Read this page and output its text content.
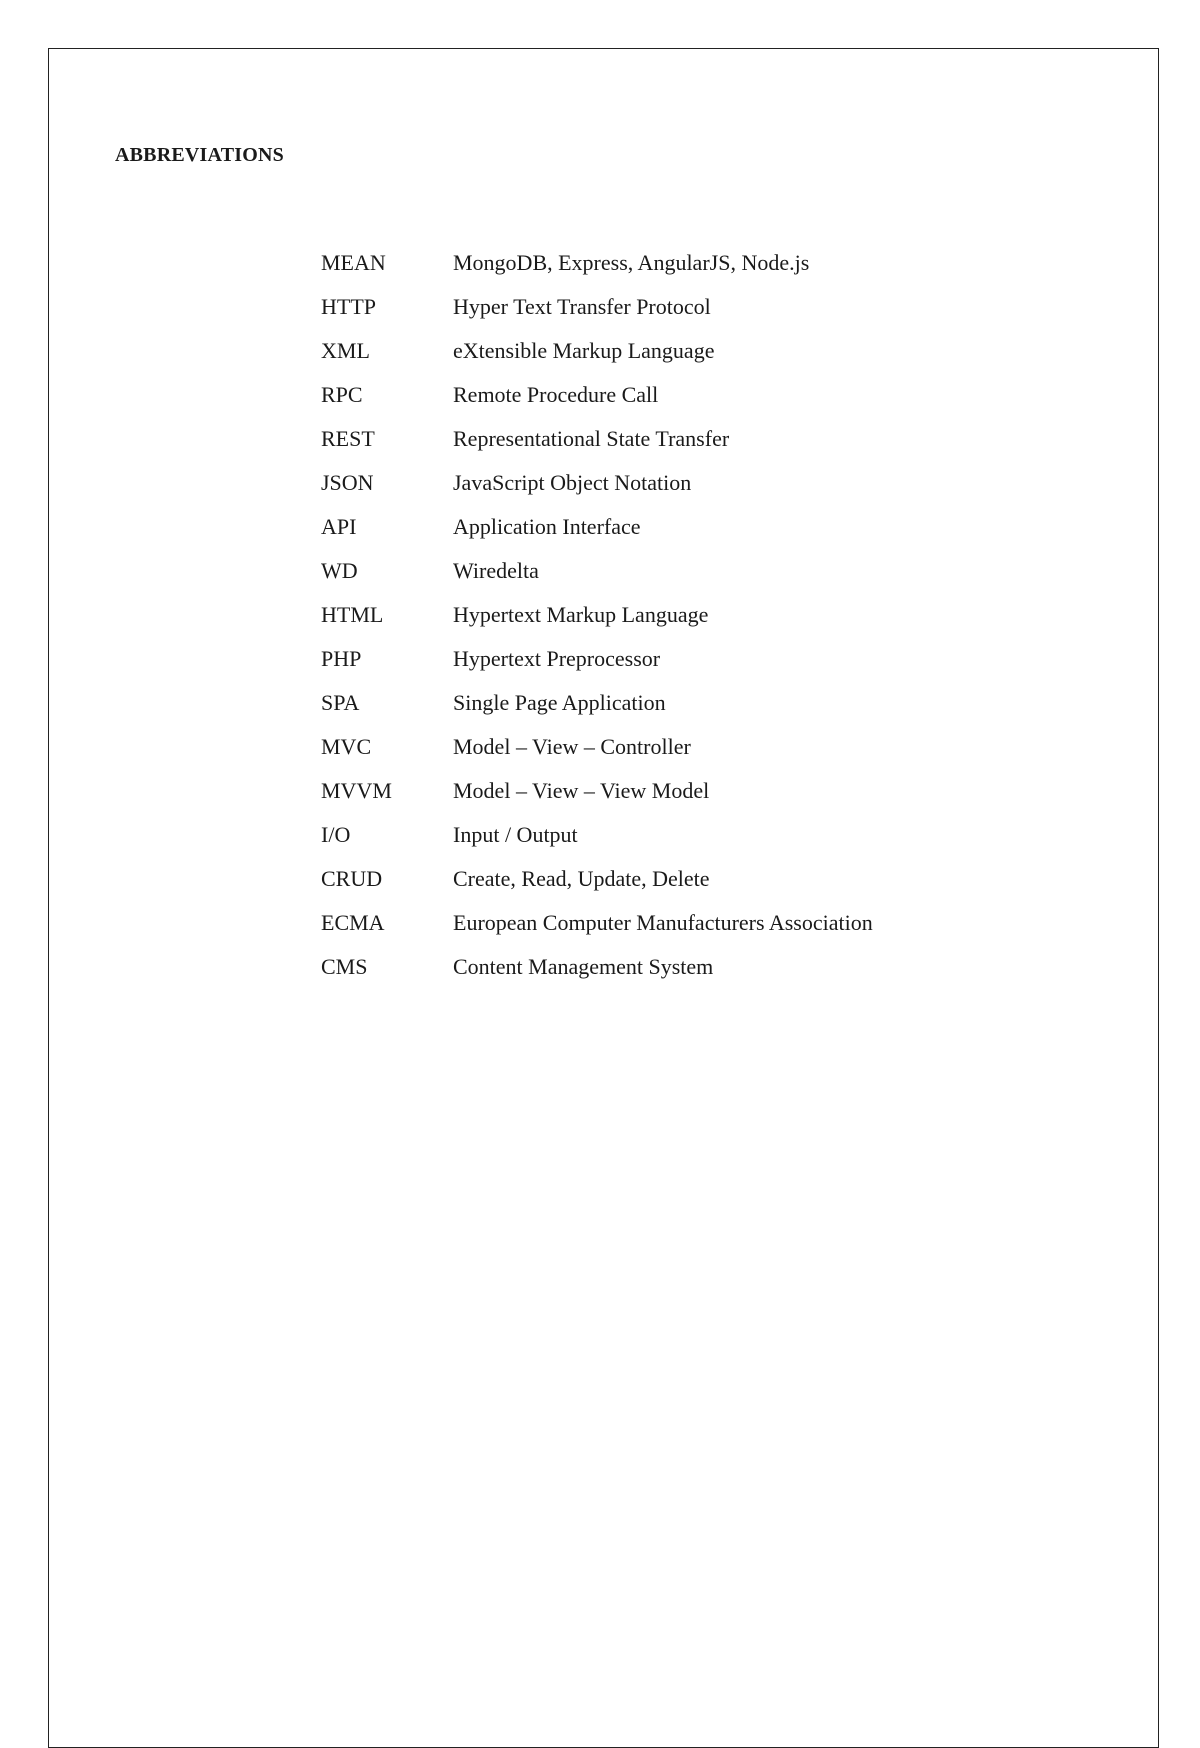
ABBREVIATIONS
MEAN	MongoDB, Express, AngularJS, Node.js
HTTP	Hyper Text Transfer Protocol
XML	eXtensible Markup Language
RPC	Remote Procedure Call
REST	Representational State Transfer
JSON	JavaScript Object Notation
API	Application Interface
WD	Wiredelta
HTML	Hypertext Markup Language
PHP	Hypertext Preprocessor
SPA	Single Page Application
MVC	Model – View – Controller
MVVM	Model – View – View Model
I/O	Input / Output
CRUD	Create, Read, Update, Delete
ECMA	European Computer Manufacturers Association
CMS	Content Management System
